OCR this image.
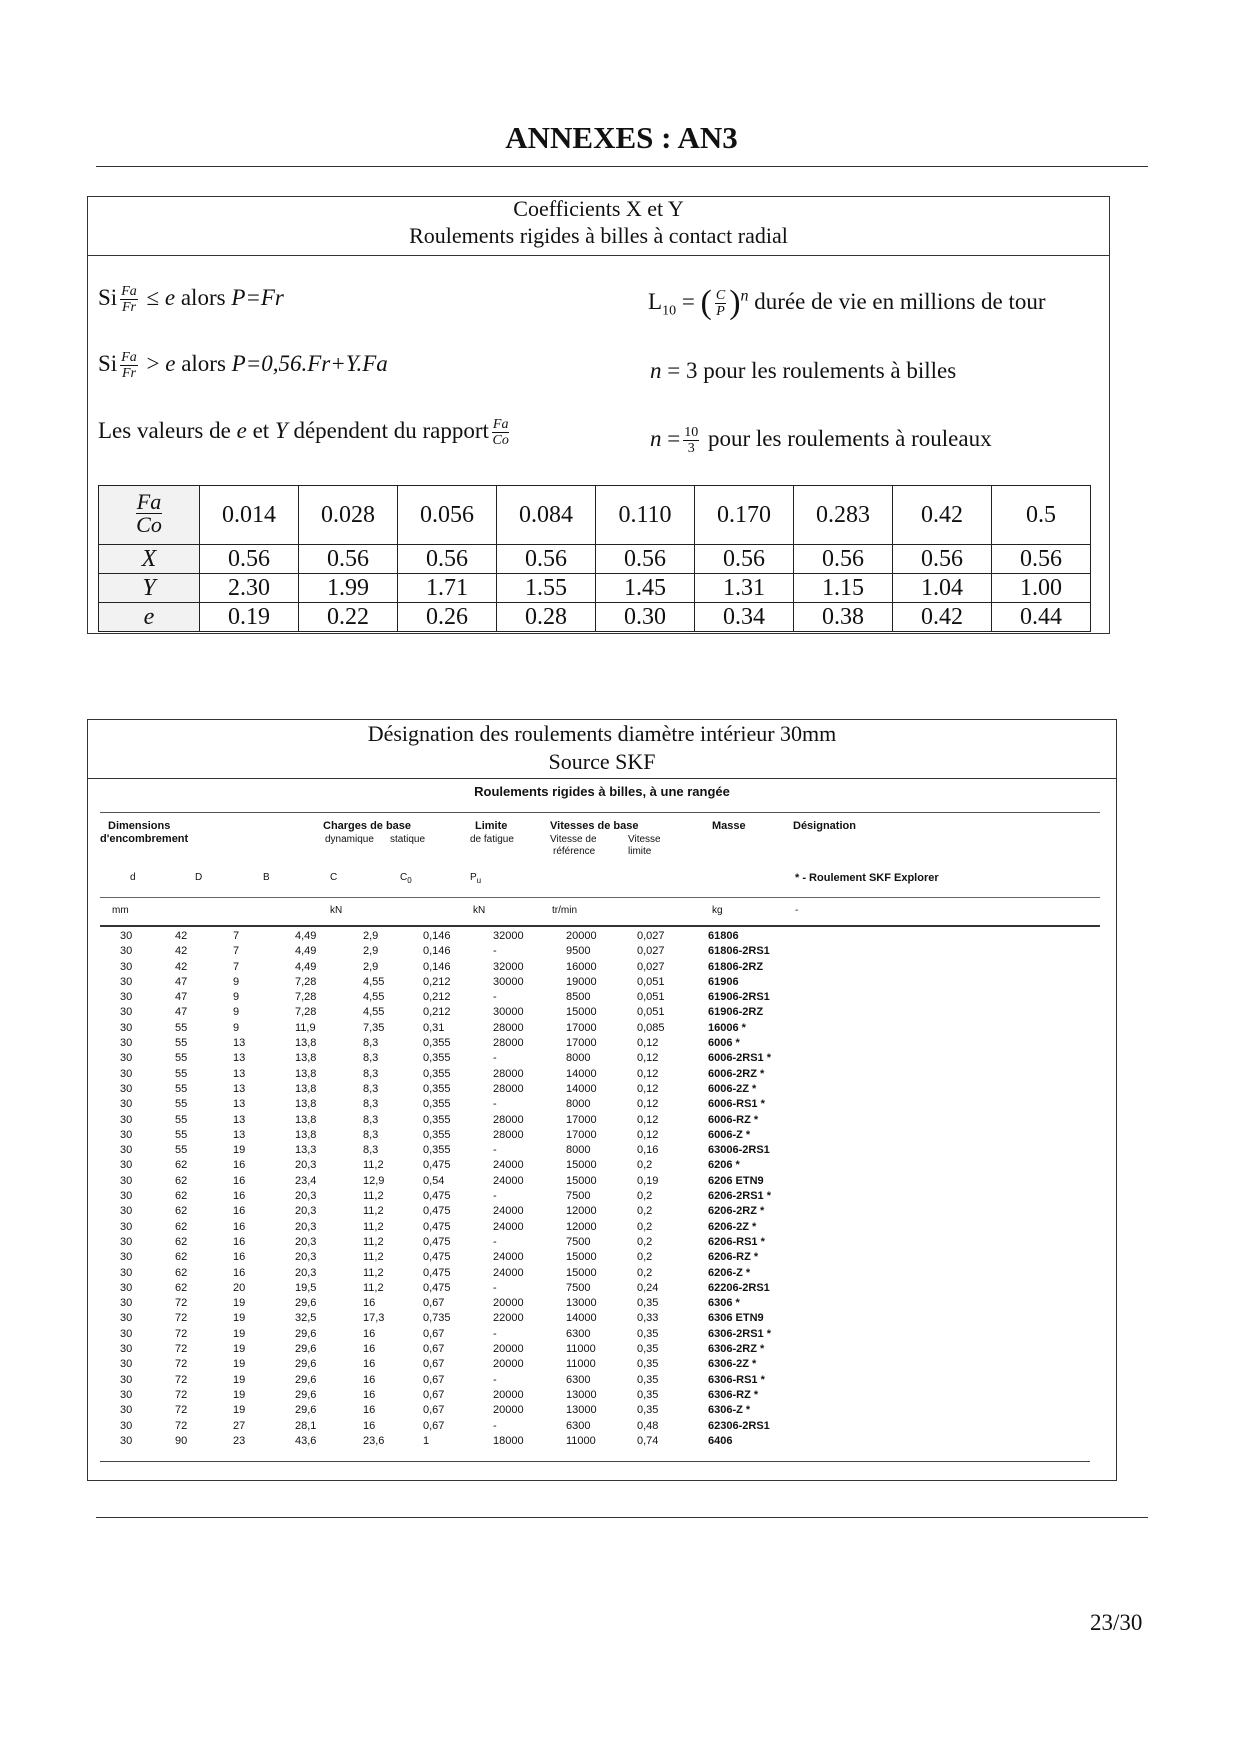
ANNEXES : AN3
Coefficients X et Y
Roulements rigides à billes à contact radial
Si $\frac{Fa}{Fr} \le e$ alors P=Fr
Si $\frac{Fa}{Fr} > e$ alors P=0,56.Fr+Y.Fa
Les valeurs de e et Y dépendent du rapport $\frac{Fa}{Co}$
$L_{10}$ = ( $\frac{C}{P} )^n$ durée de vie en millions de tour
n = 3 pour les roulements à billes
$n = \frac{10}{3}$ pour les roulements à rouleaux
$\frac{Fa}{Co}$	0.014	0.028	0.056	0.084	0.110	0.170	0.283	0.42	0.5
X	0.56	0.56	0.56	0.56	0.56	0.56	0.56	0.56	0.56
Y	2.30	1.99	1.71	1.55	1.45	1.31	1.15	1.04	1.00
e	0.19	0.22	0.26	0.28	0.30	0.34	0.38	0.42	0.44
Désignation des roulements diamètre intérieur 30mm
Source SKF
Roulements rigides à billes, à une rangée
Dimensions
d'encombrement
Charges de base
dynamique statique
Limite
de fatigue
Vitesses de base
Vitesse de
référence
Vitesse
limite
Masse	Désignation
d	D	B	C	$C_0$	$P_u$	* - Roulement SKF Explorer
mm	kN	kN	tr/min	kg	-
30	42	7	4,49	2,9	0,146	32000	20000	0,027	61806
30	42	7	4,49	2,9	0,146	-	9500	0,027	61806-2RS1
30	42	7	4,49	2,9	0,146	32000	16000	0,027	61806-2RZ
30	47	9	7,28	4,55	0,212	30000	19000	0,051	61906
30	47	9	7,28	4,55	0,212	-	8500	0,051	61906-2RS1
30	47	9	7,28	4,55	0,212	30000	15000	0,051	61906-2RZ
30	55	9	11,9	7,35	0,31	28000	17000	0,085	16006 *
30	55	13	13,8	8,3	0,355	28000	17000	0,12	6006 *
30	55	13	13,8	8,3	0,355	-	8000	0,12	6006-2RS1 *
30	55	13	13,8	8,3	0,355	28000	14000	0,12	6006-2RZ *
30	55	13	13,8	8,3	0,355	28000	14000	0,12	6006-2Z *
30	55	13	13,8	8,3	0,355	-	8000	0,12	6006-RS1 *
30	55	13	13,8	8,3	0,355	28000	17000	0,12	6006-RZ *
30	55	13	13,8	8,3	0,355	28000	17000	0,12	6006-Z *
30	55	19	13,3	8,3	0,355	-	8000	0,16	63006-2RS1
30	62	16	20,3	11,2	0,475	24000	15000	0,2	6206 *
30	62	16	23,4	12,9	0,54	24000	15000	0,19	6206 ETN9
30	62	16	20,3	11,2	0,475	-	7500	0,2	6206-2RS1 *
30	62	16	20,3	11,2	0,475	24000	12000	0,2	6206-2RZ *
30	62	16	20,3	11,2	0,475	24000	12000	0,2	6206-2Z *
30	62	16	20,3	11,2	0,475	-	7500	0,2	6206-RS1 *
30	62	16	20,3	11,2	0,475	24000	15000	0,2	6206-RZ *
30	62	16	20,3	11,2	0,475	24000	15000	0,2	6206-Z *
30	62	20	19,5	11,2	0,475	-	7500	0,24	62206-2RS1
30	72	19	29,6	16	0,67	20000	13000	0,35	6306 *
30	72	19	32,5	17,3	0,735	22000	14000	0,33	6306 ETN9
30	72	19	29,6	16	0,67	-	6300	0,35	6306-2RS1 *
30	72	19	29,6	16	0,67	20000	11000	0,35	6306-2RZ *
30	72	19	29,6	16	0,67	20000	11000	0,35	6306-2Z *
30	72	19	29,6	16	0,67	-	6300	0,35	6306-RS1 *
30	72	19	29,6	16	0,67	20000	13000	0,35	6306-RZ *
30	72	19	29,6	16	0,67	20000	13000	0,35	6306-Z *
30	72	27	28,1	16	0,67	-	6300	0,48	62306-2RS1
30	90	23	43,6	23,6	1	18000	11000	0,74	6406
23/30
